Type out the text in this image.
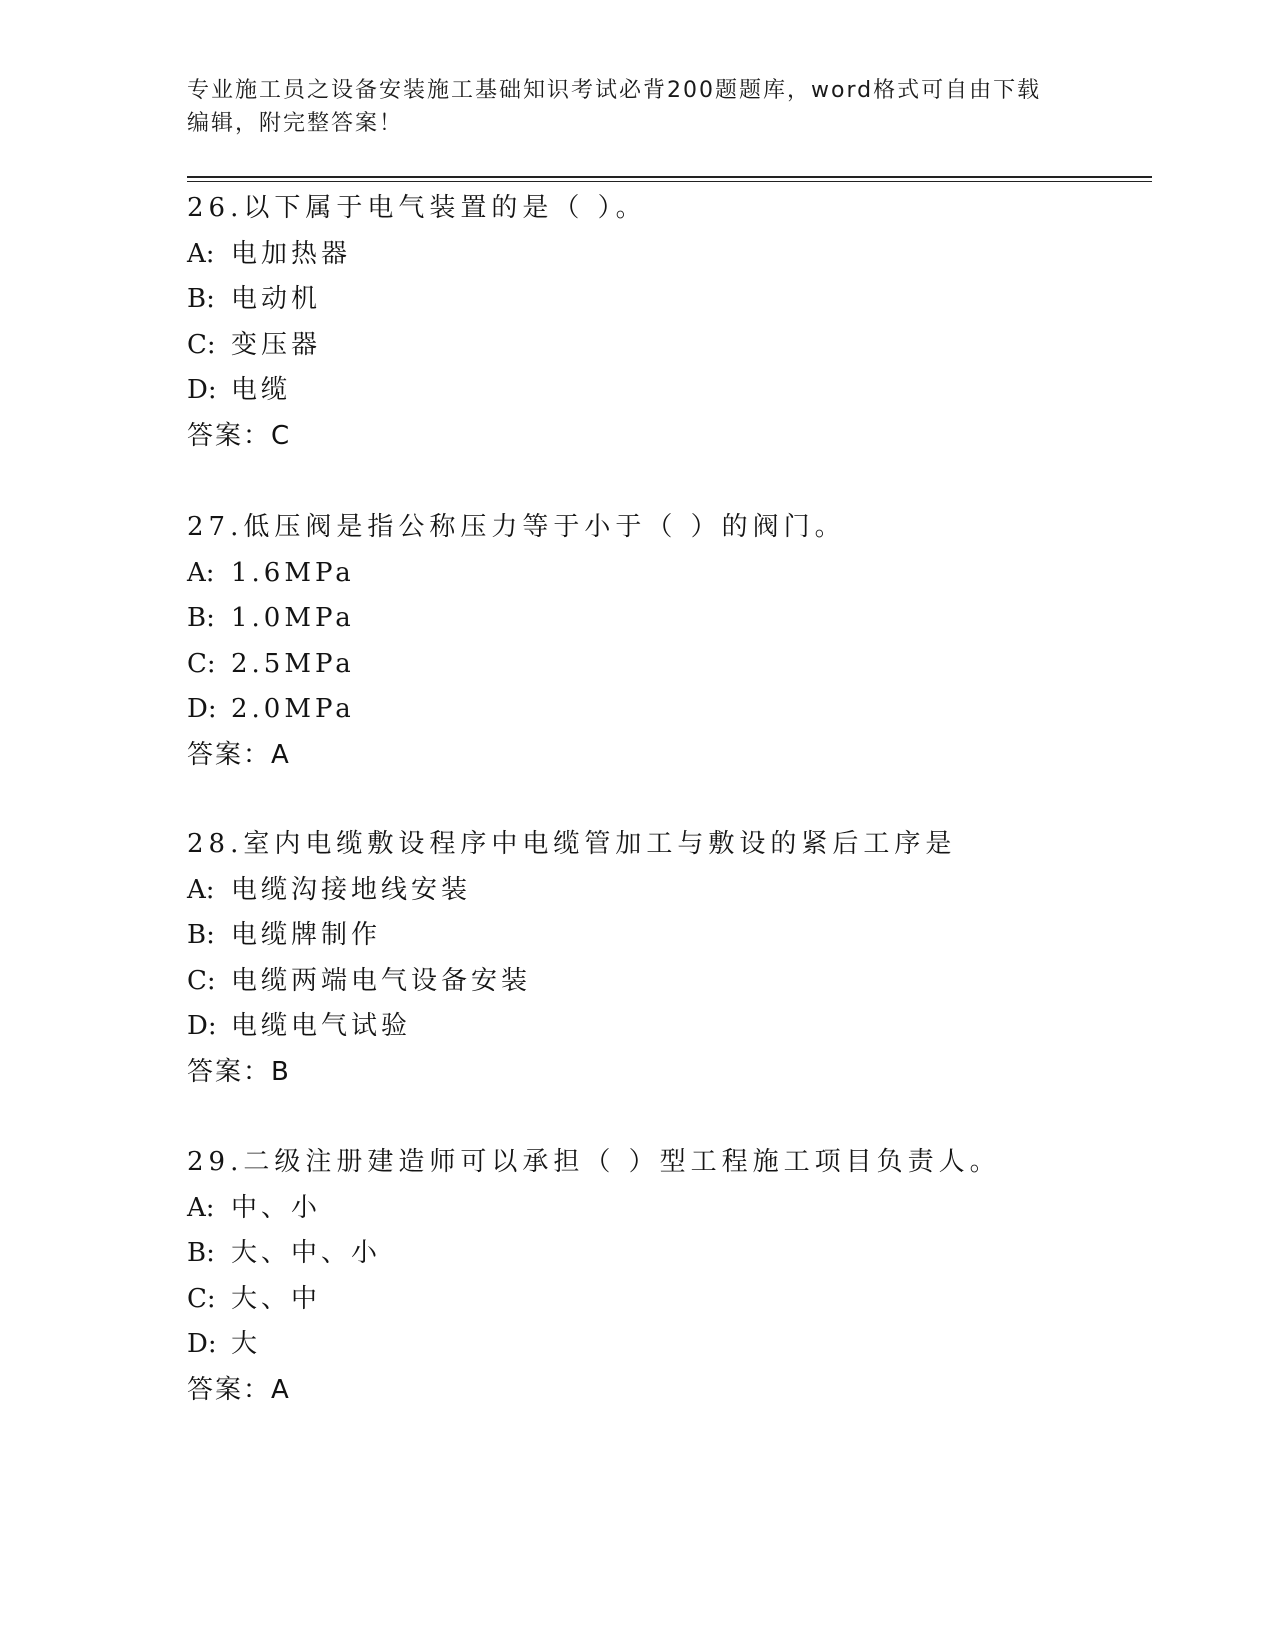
专业施工员之设备安装施工基础知识考试必背200题题库，word格式可自由下载
编辑，附完整答案！
26.以下属于电气装置的是（ ）。
A: 电加热器
B: 电动机
C: 变压器
D: 电缆
答案：C
27.低压阀是指公称压力等于小于（ ）的阀门。
A: 1.6MPa
B: 1.0MPa
C: 2.5MPa
D: 2.0MPa
答案：A
28.室内电缆敷设程序中电缆管加工与敷设的紧后工序是
A: 电缆沟接地线安装
B: 电缆牌制作
C: 电缆两端电气设备安装
D: 电缆电气试验
答案：B
29.二级注册建造师可以承担（ ）型工程施工项目负责人。
A: 中、小
B: 大、中、小
C: 大、中
D: 大
答案：A
